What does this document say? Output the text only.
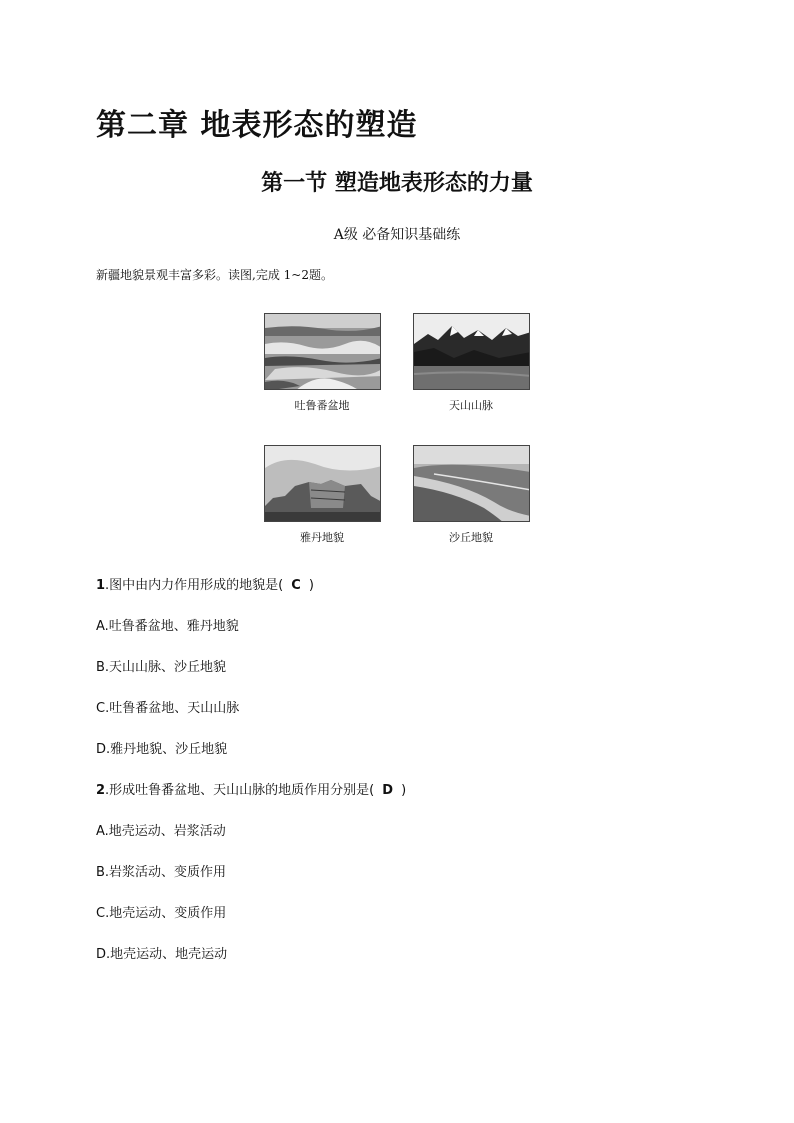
第二章 地表形态的塑造
第一节 塑造地表形态的力量
A级 必备知识基础练
新疆地貌景观丰富多彩。读图,完成 1~2题。
吐鲁番盆地	天山山脉
雅丹地貌	沙丘地貌
1.图中由内力作用形成的地貌是( C )
A.吐鲁番盆地、雅丹地貌
B.天山山脉、沙丘地貌
C.吐鲁番盆地、天山山脉
D.雅丹地貌、沙丘地貌
2.形成吐鲁番盆地、天山山脉的地质作用分别是( D )
A.地壳运动、岩浆活动
B.岩浆活动、变质作用
C.地壳运动、变质作用
D.地壳运动、地壳运动
